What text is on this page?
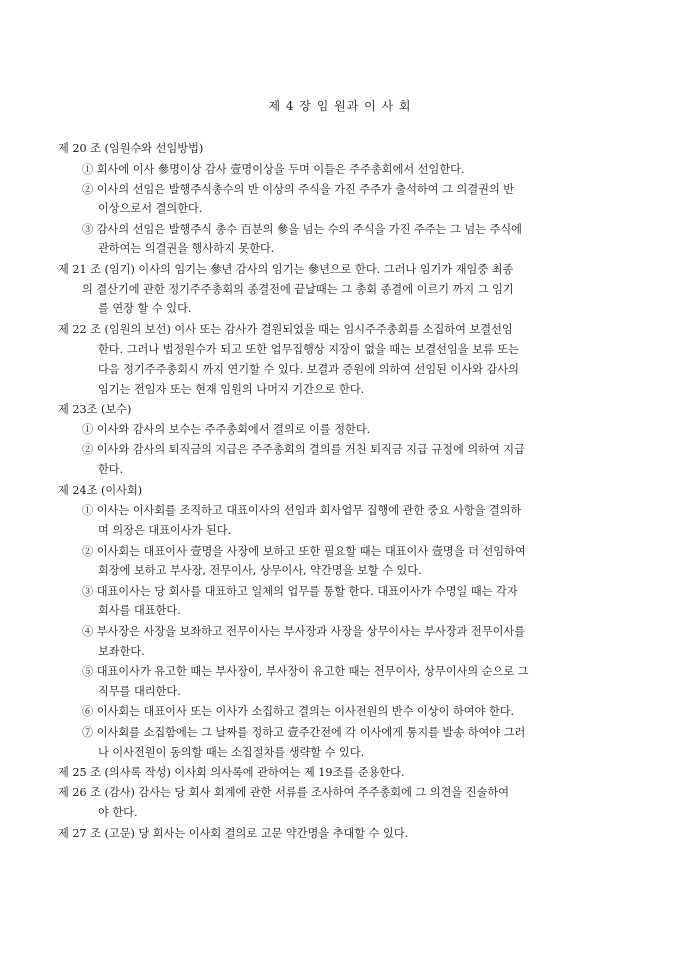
제 4 장 임 원과 이 사 회
제 20 조 (임원수와 선임방법)
① 회사에 이사 參명이상 감사 壹명이상을 두며 이들은 주주총회에서 선임한다.
② 이사의 선임은 발행주식총수의 반 이상의 주식을 가진 주주가 출석하여 그 의결권의 반
이상으로서 결의한다.
③ 감사의 선임은 발행주식 총수 百분의 參을 넘는 수의 주식을 가진 주주는 그 넘는 주식에
관하여는 의결권을 행사하지 못한다.
제 21 조 (임기) 이사의 임기는 參년 감사의 임기는 參년으로 한다. 그러나 임기가 재임중 최종
의 결산기에 관한 정기주주총회의 종결전에 끝날때는 그 총회 종결에 이르기 까지 그 임기
를 연장 할 수 있다.
제 22 조 (임원의 보선) 이사 또는 감사가 결원되었을 때는 임시주주총회를 소집하여 보결선임
한다. 그러나 법정원수가 되고 또한 업무집행상 지장이 없을 때는 보결선임을 보류 또는
다음 정기주주총회시 까지 연기할 수 있다. 보결과 증원에 의하여 선임된 이사와 감사의
임기는 전임자 또는 현재 임원의 나머지 기간으로 한다.
제 23조 (보수)
① 이사와 감사의 보수는 주주총회에서 결의로 이를 정한다.
② 이사와 감사의 퇴직금의 지급은 주주총회의 결의를 거친 퇴직금 지급 규정에 의하여 지급
한다.
제 24조 (이사회)
① 이사는 이사회를 조직하고 대표이사의 선임과 회사업무 집행에 관한 중요 사항을 결의하
며 의장은 대표이사가 된다.
② 이사회는 대표이사 壹명을 사장에 보하고 또한 필요할 때는 대표이사 壹명을 더 선임하여
회장에 보하고 부사장, 전무이사, 상무이사, 약간명을 보할 수 있다.
③ 대표이사는 당 회사를 대표하고 일체의 업무를 통할 한다. 대표이사가 수명일 때는 각자
회사를 대표한다.
④ 부사장은 사장을 보좌하고 전무이사는 부사장과 사장을 상무이사는 부사장과 전무이사를
보좌한다.
⑤ 대표이사가 유고한 때는 부사장이, 부사장이 유고한 때는 전무이사, 상무이사의 순으로 그
직무를 대리한다.
⑥ 이사회는 대표이사 또는 이사가 소집하고 결의는 이사전원의 반수 이상이 하여야 한다.
⑦ 이사회를 소집함에는 그 날짜를 정하고 壹주간전에 각 이사에게 통지를 발송 하여야 그러
나 이사전원이 동의할 때는 소집절차를 생략할 수 있다.
제 25 조 (의사록 작성) 이사회 의사록에 관하여는 제 19조를 준용한다.
제 26 조 (감사) 감사는 당 회사 회계에 관한 서류를 조사하여 주주총회에 그 의견을 진술하여
야 한다.
제 27 조 (고문) 당 회사는 이사회 결의로 고문 약간명을 추대할 수 있다.
